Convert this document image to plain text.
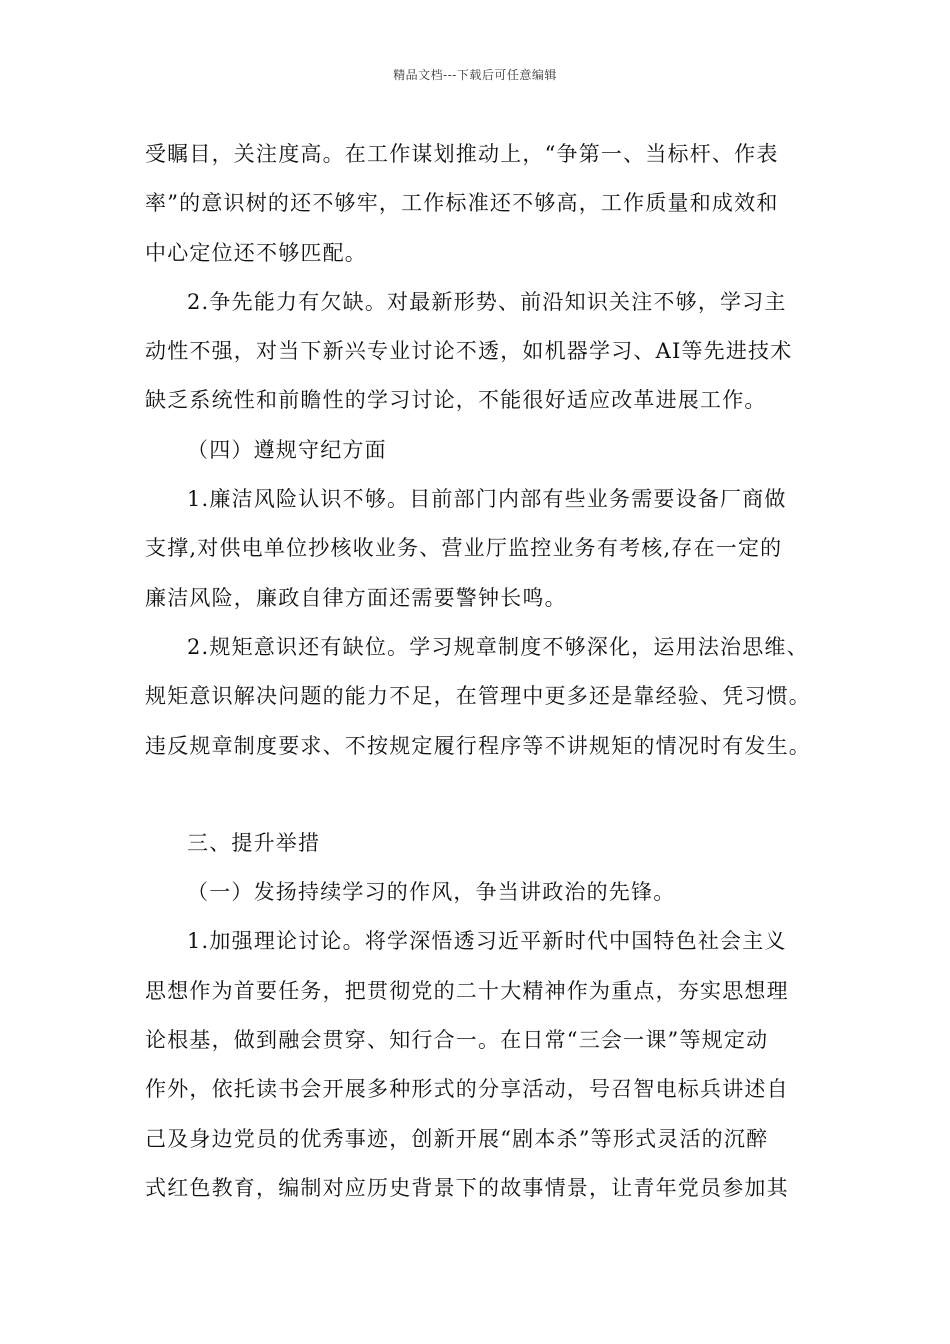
精品文档---下载后可任意编辑
受瞩目，关注度高。在工作谋划推动上，“争第一、当标杆、作表
率”的意识树的还不够牢，工作标准还不够高，工作质量和成效和
中心定位还不够匹配。
2.争先能力有欠缺。对最新形势、前沿知识关注不够，学习主
动性不强，对当下新兴专业讨论不透，如机器学习、AI等先进技术
缺乏系统性和前瞻性的学习讨论，不能很好适应改革进展工作。
（四）遵规守纪方面
1.廉洁风险认识不够。目前部门内部有些业务需要设备厂商做
支撑,对供电单位抄核收业务、营业厅监控业务有考核,存在一定的
廉洁风险，廉政自律方面还需要警钟长鸣。
2.规矩意识还有缺位。学习规章制度不够深化，运用法治思维、
规矩意识解决问题的能力不足，在管理中更多还是靠经验、凭习惯。
违反规章制度要求、不按规定履行程序等不讲规矩的情况时有发生。
三、提升举措
（一）发扬持续学习的作风，争当讲政治的先锋。
1.加强理论讨论。将学深悟透习近平新时代中国特色社会主义
思想作为首要任务，把贯彻党的二十大精神作为重点，夯实思想理
论根基，做到融会贯穿、知行合一。在日常“三会一课”等规定动
作外，依托读书会开展多种形式的分享活动，号召智电标兵讲述自
己及身边党员的优秀事迹，创新开展“剧本杀”等形式灵活的沉醉
式红色教育，编制对应历史背景下的故事情景，让青年党员参加其
